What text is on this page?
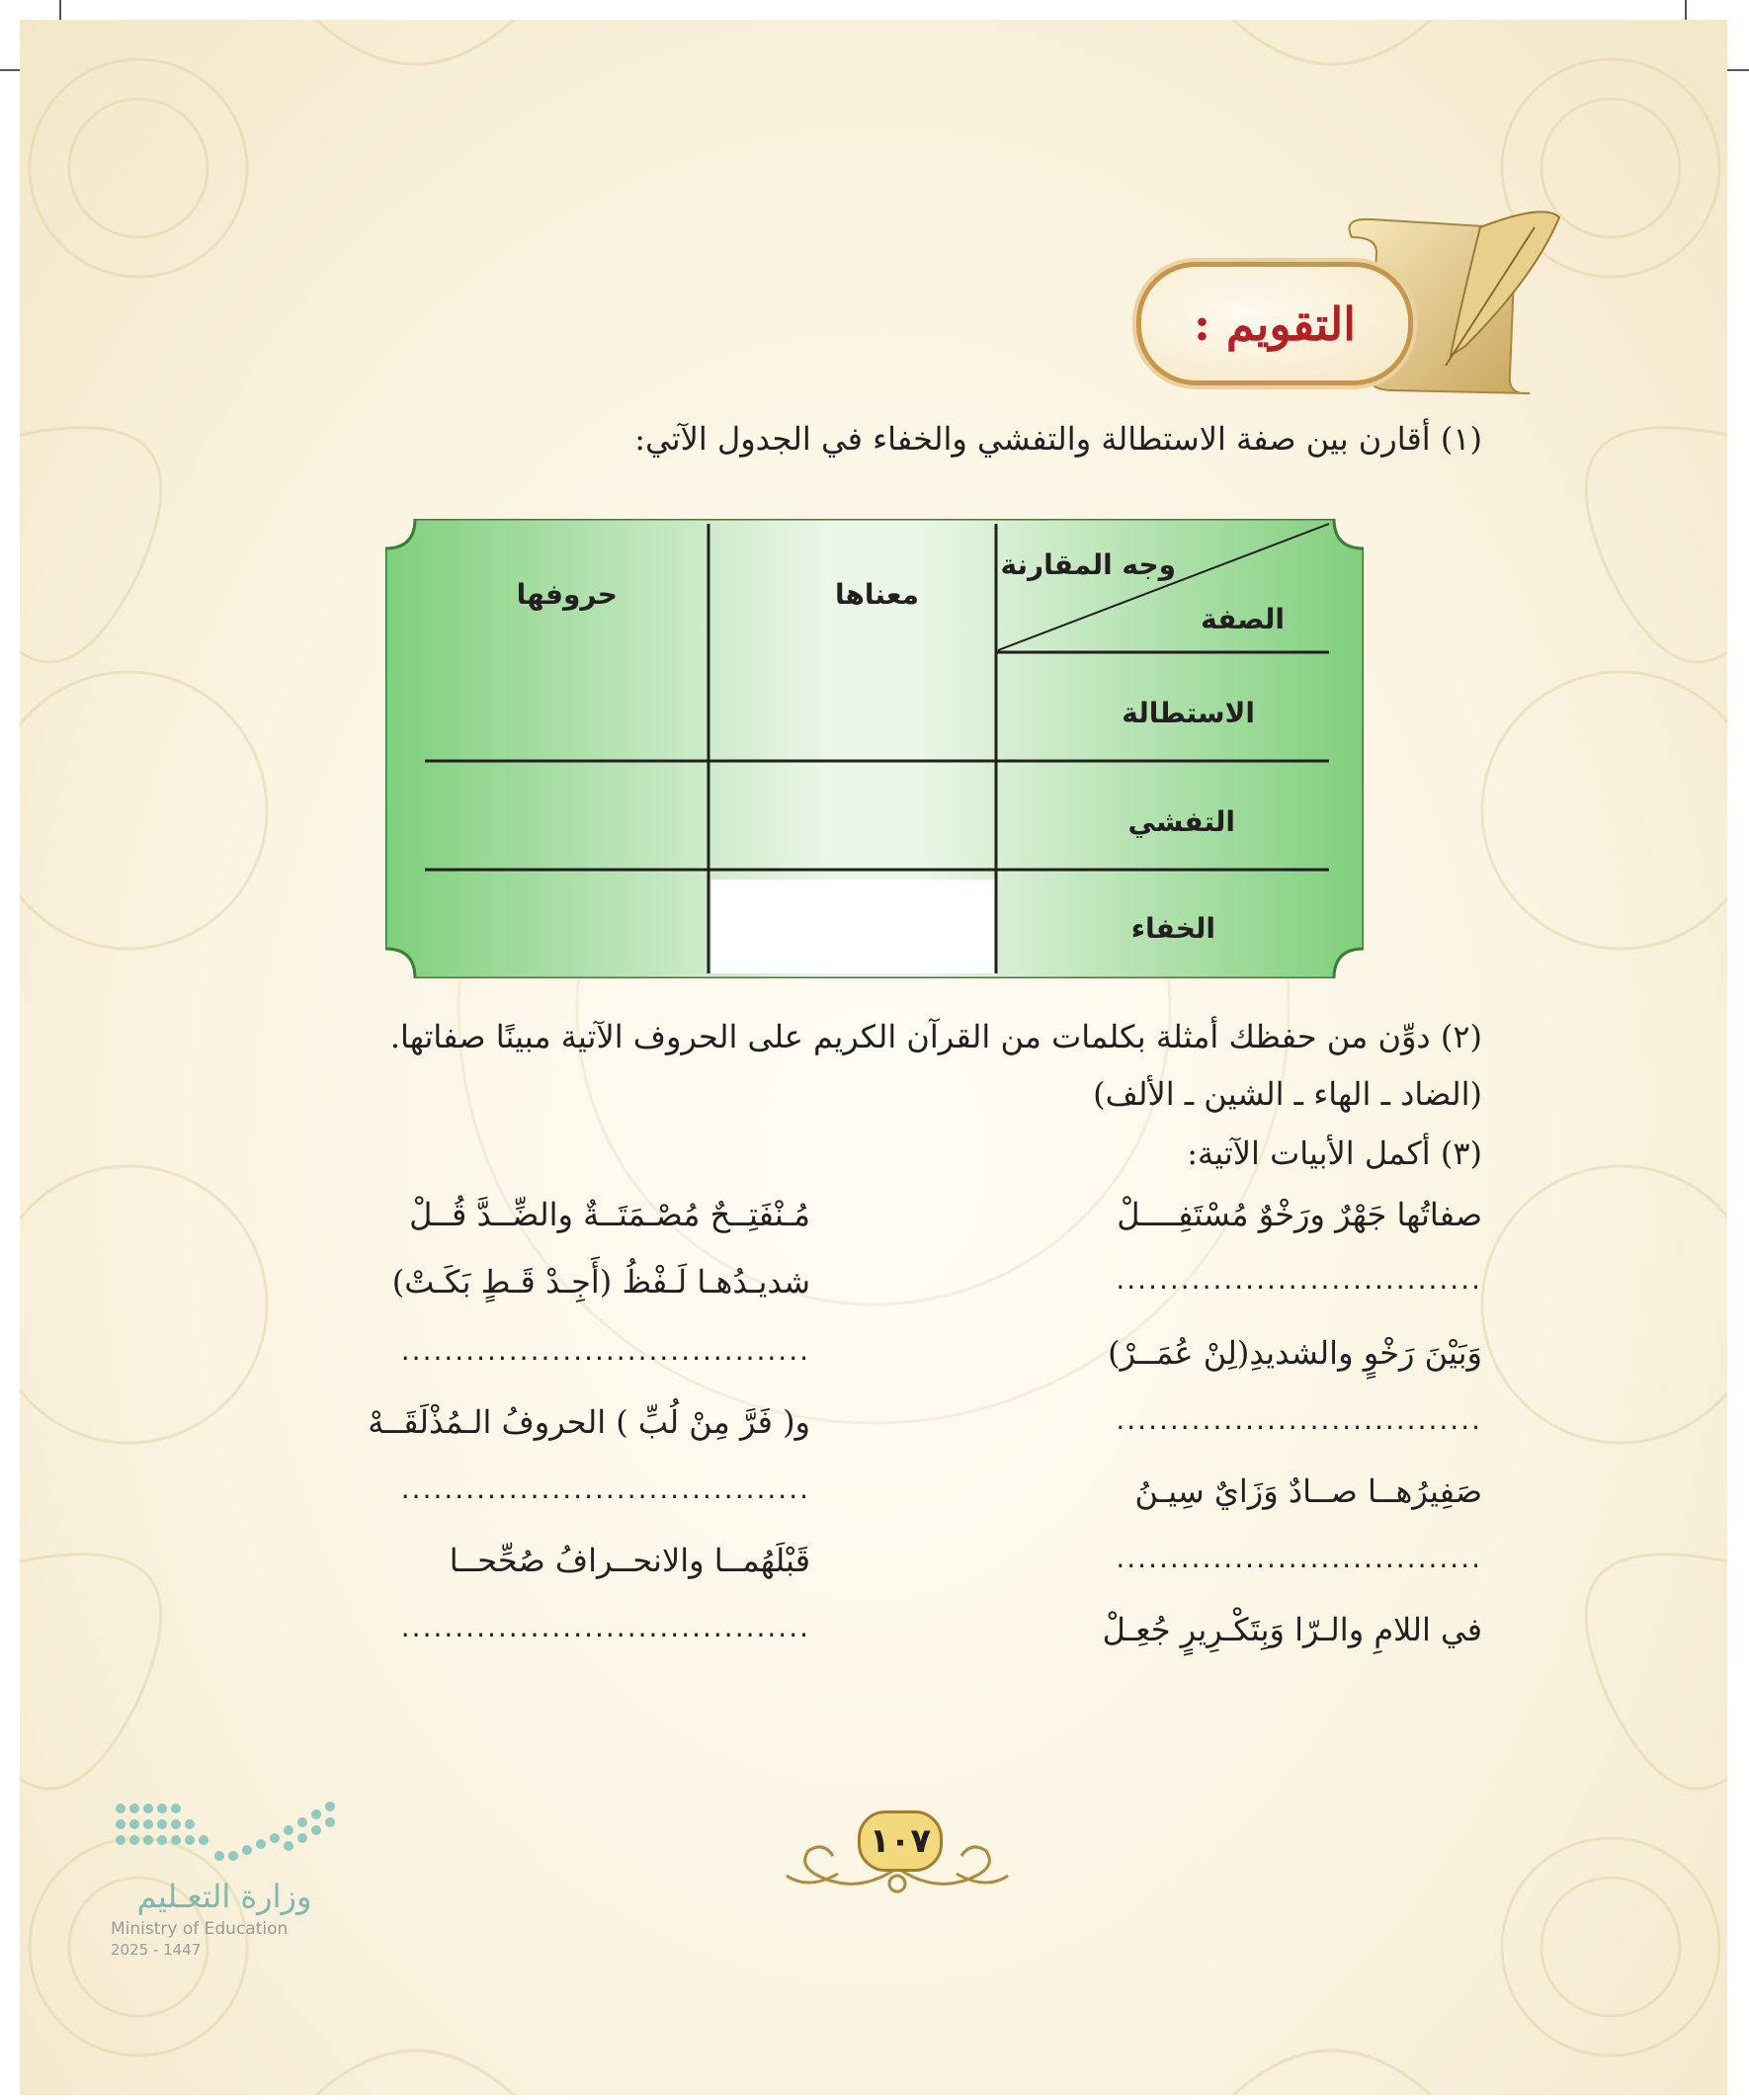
التقويم :
(١) أقارن بين صفة الاستطالة والتفشي والخفاء في الجدول الآتي:
وجه المقارنة
الصفة
معناها
حروفها
الاستطالة
التفشي
الخفاء
(٢) دوِّن من حفظك أمثلة بكلمات من القرآن الكريم على الحروف الآتية مبينًا صفاتها.
(الضاد ـ الهاء ـ الشين ـ الألف)
(٣) أكمل الأبيات الآتية:
صفاتُها جَهْرٌ ورَخْوٌ مُسْتَفِــــلْ
..................................
وَبَيْنَ رَخْوٍ والشديدِ(لِنْ عُمَــرْ)
..................................
صَفِيرُهــا صــادٌ وَزَايٌ سِيـنُ
..................................
في اللامِ والـرّا وَبِتَكْـرِيرٍ جُعِـلْ
مُـنْفَتِــحٌ مُصْـمَتَــةٌ والضِّــدَّ قُــلْ
شديـدُهـا لَـفْظُ (أَجِـدْ قَـطٍ بَكَـتْ)
......................................
و( فَرَّ مِنْ لُبِّ ) الحروفُ الـمُذْلَقَــهْ
......................................
قَبْلَهُمــا والانحــرافُ صُحِّحــا
......................................
١٠٧
وزارة التعـليم
Ministry of Education
2025 - 1447
